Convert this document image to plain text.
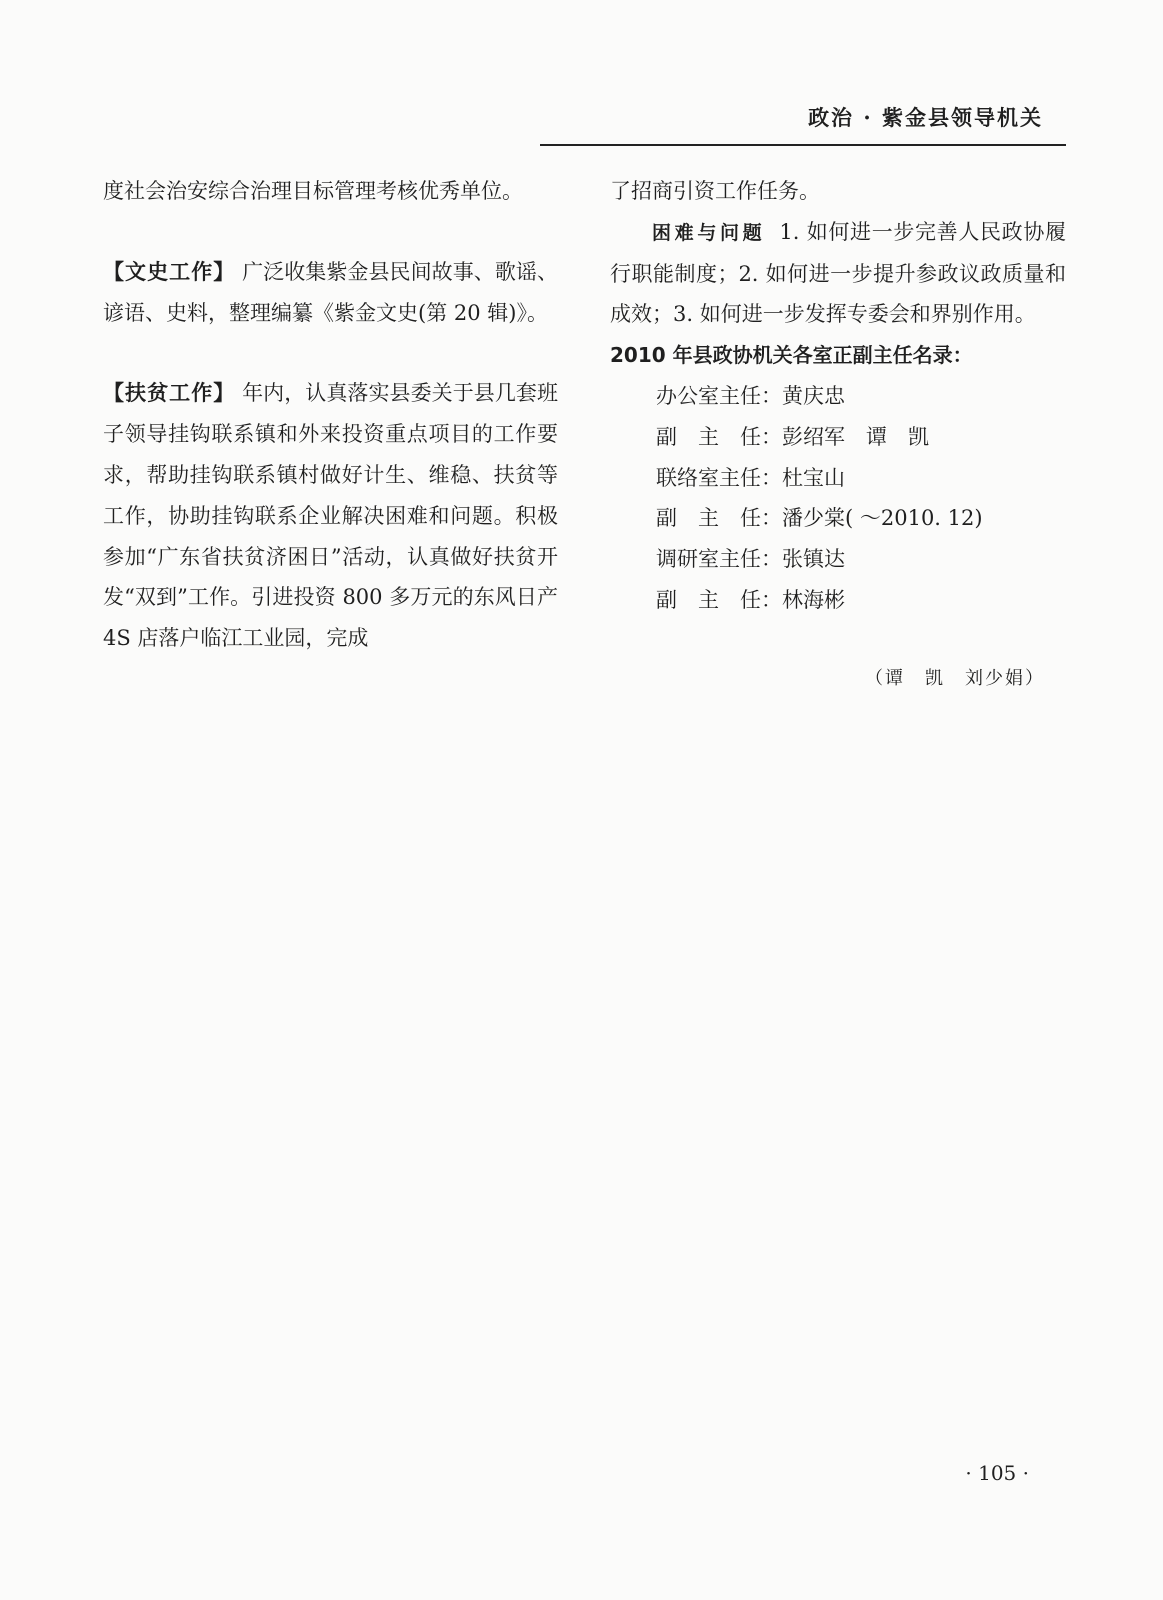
政治 · 紫金县领导机关

度社会治安综合治理目标管理考核优秀单位。

【文史工作】 广泛收集紫金县民间故事、歌谣、谚语、史料，整理编纂《紫金文史(第 20 辑)》。

【扶贫工作】 年内，认真落实县委关于县几套班子领导挂钩联系镇和外来投资重点项目的工作要求，帮助挂钩联系镇村做好计生、维稳、扶贫等工作，协助挂钩联系企业解决困难和问题。积极参加“广东省扶贫济困日”活动，认真做好扶贫开发“双到”工作。引进投资 800 多万元的东风日产 4S 店落户临江工业园，完成

了招商引资工作任务。

困难与问题 1. 如何进一步完善人民政协履行职能制度；2. 如何进一步提升参政议政质量和成效；3. 如何进一步发挥专委会和界别作用。

2010 年县政协机关各室正副主任名录：

办公室主任：黄庆忠
副　主　任：彭绍军　谭　凯
联络室主任：杜宝山
副　主　任：潘少棠( ～2010. 12)
调研室主任：张镇达
副　主　任：林海彬
（谭　凯　刘少娟）
· 105 ·
